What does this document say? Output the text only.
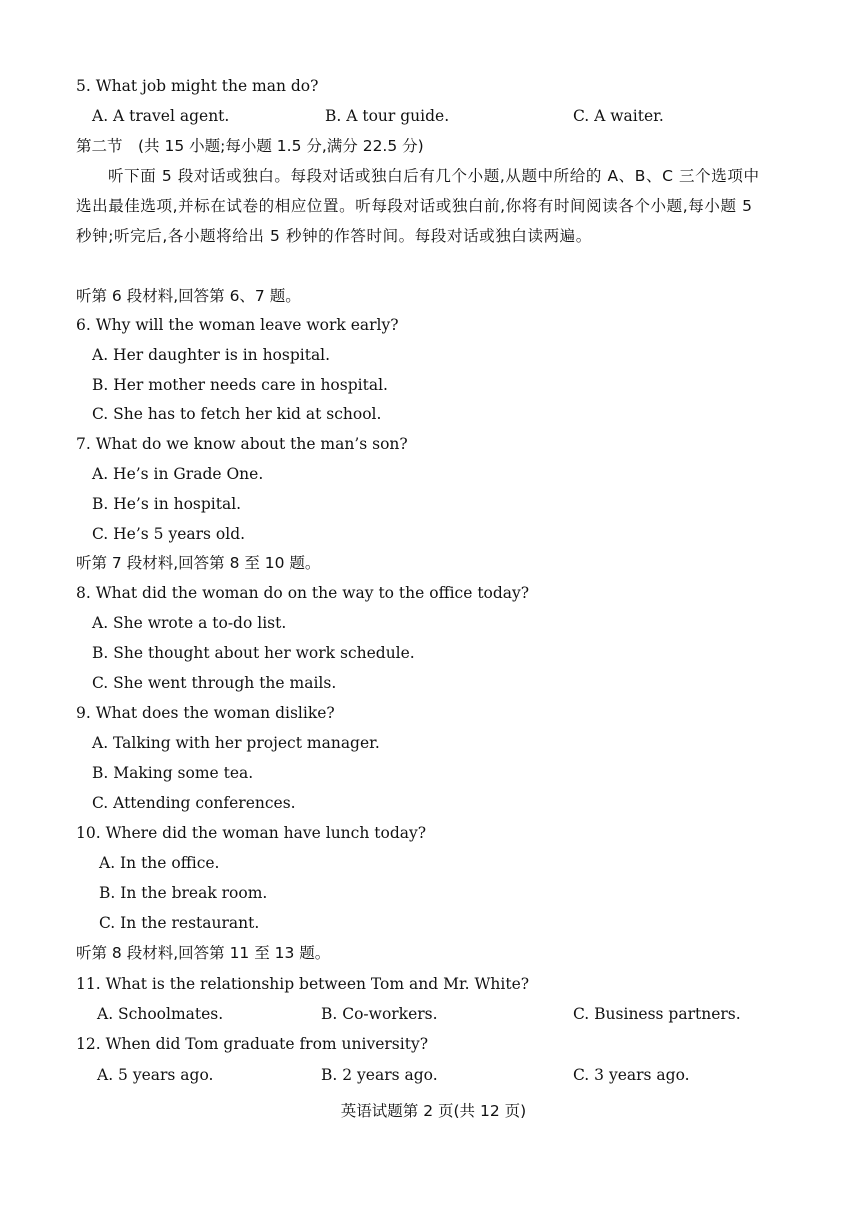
5. What job might the man do?
A. A travel agent.	B. A tour guide.	C. A waiter.
第二节　(共 15 小题;每小题 1.5 分,满分 22.5 分)
听下面 5 段对话或独白。每段对话或独白后有几个小题,从题中所给的 A、B、C 三个选项中选出最佳选项,并标在试卷的相应位置。听每段对话或独白前,你将有时间阅读各个小题,每小题 5 秒钟;听完后,各小题将给出 5 秒钟的作答时间。每段对话或独白读两遍。
听第 6 段材料,回答第 6、7 题。
6. Why will the woman leave work early?
A. Her daughter is in hospital.
B. Her mother needs care in hospital.
C. She has to fetch her kid at school.
7. What do we know about the man’s son?
A. He’s in Grade One.
B. He’s in hospital.
C. He’s 5 years old.
听第 7 段材料,回答第 8 至 10 题。
8. What did the woman do on the way to the office today?
A. She wrote a to-do list.
B. She thought about her work schedule.
C. She went through the mails.
9. What does the woman dislike?
A. Talking with her project manager.
B. Making some tea.
C. Attending conferences.
10. Where did the woman have lunch today?
A. In the office.
B. In the break room.
C. In the restaurant.
听第 8 段材料,回答第 11 至 13 题。
11. What is the relationship between Tom and Mr. White?
A. Schoolmates.	B. Co-workers.	C. Business partners.
12. When did Tom graduate from university?
A. 5 years ago.	B. 2 years ago.	C. 3 years ago.
英语试题第 2 页(共 12 页)
